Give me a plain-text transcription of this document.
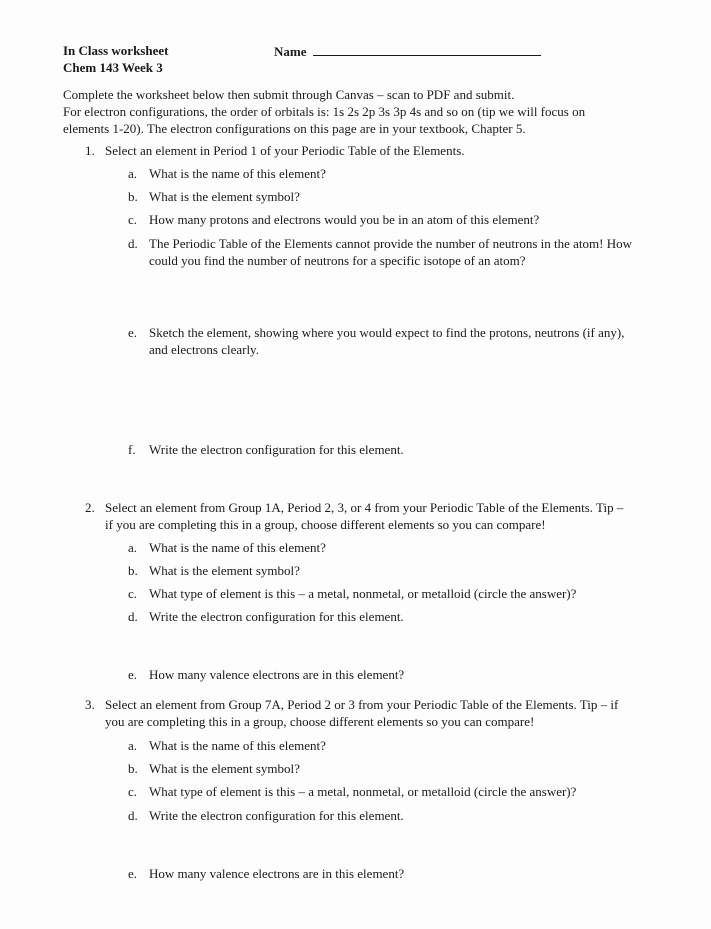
In Class worksheet
Chem 143 Week 3
Name
Complete the worksheet below then submit through Canvas – scan to PDF and submit.
For electron configurations, the order of orbitals is: 1s 2s 2p 3s 3p 4s and so on (tip we will focus on
elements 1-20). The electron configurations on this page are in your textbook, Chapter 5.
1. Select an element in Period 1 of your Periodic Table of the Elements.
a. What is the name of this element?
b. What is the element symbol?
c. How many protons and electrons would you be in an atom of this element?
d. The Periodic Table of the Elements cannot provide the number of neutrons in the atom! How
could you find the number of neutrons for a specific isotope of an atom?
e. Sketch the element, showing where you would expect to find the protons, neutrons (if any),
and electrons clearly.
f. Write the electron configuration for this element.
2. Select an element from Group 1A, Period 2, 3, or 4 from your Periodic Table of the Elements. Tip –
if you are completing this in a group, choose different elements so you can compare!
a. What is the name of this element?
b. What is the element symbol?
c. What type of element is this – a metal, nonmetal, or metalloid (circle the answer)?
d. Write the electron configuration for this element.
e. How many valence electrons are in this element?
3. Select an element from Group 7A, Period 2 or 3 from your Periodic Table of the Elements. Tip – if
you are completing this in a group, choose different elements so you can compare!
a. What is the name of this element?
b. What is the element symbol?
c. What type of element is this – a metal, nonmetal, or metalloid (circle the answer)?
d. Write the electron configuration for this element.
e. How many valence electrons are in this element?
